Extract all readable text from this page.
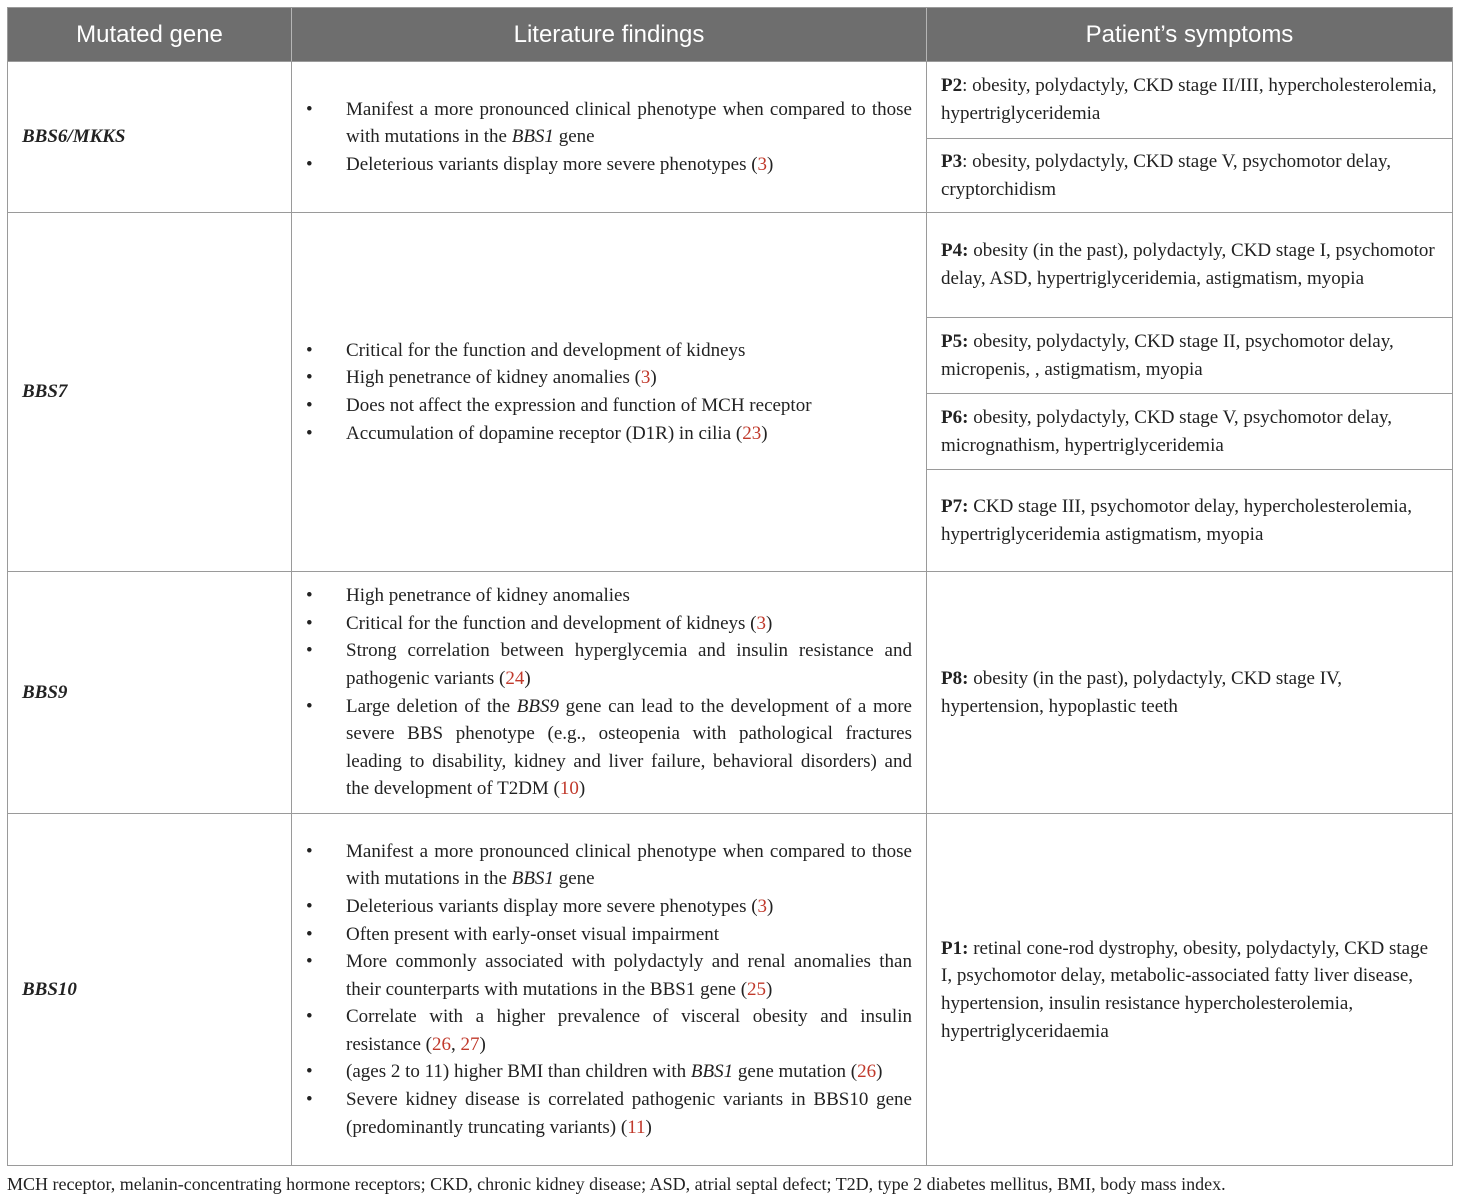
Mutated gene	Literature findings	Patient’s symptoms
BBS6/MKKS
• Manifest a more pronounced clinical phenotype when compared to those with mutations in the BBS1 gene
• Deleterious variants display more severe phenotypes (3)
P2: obesity, polydactyly, CKD stage II/III, hypercholesterolemia, hypertriglyceridemia
P3: obesity, polydactyly, CKD stage V, psychomotor delay, cryptorchidism
BBS7
• Critical for the function and development of kidneys
• High penetrance of kidney anomalies (3)
• Does not affect the expression and function of MCH receptor
• Accumulation of dopamine receptor (D1R) in cilia (23)
P4: obesity (in the past), polydactyly, CKD stage I, psychomotor delay, ASD, hypertriglyceridemia, astigmatism, myopia
P5: obesity, polydactyly, CKD stage II, psychomotor delay, micropenis, , astigmatism, myopia
P6: obesity, polydactyly, CKD stage V, psychomotor delay, micrognathism, hypertriglyceridemia
P7: CKD stage III, psychomotor delay, hypercholesterolemia, hypertriglyceridemia astigmatism, myopia
BBS9
• High penetrance of kidney anomalies
• Critical for the function and development of kidneys (3)
• Strong correlation between hyperglycemia and insulin resistance and pathogenic variants (24)
• Large deletion of the BBS9 gene can lead to the development of a more severe BBS phenotype (e.g., osteopenia with pathological fractures leading to disability, kidney and liver failure, behavioral disorders) and the development of T2DM (10)
P8: obesity (in the past), polydactyly, CKD stage IV, hypertension, hypoplastic teeth
BBS10
• Manifest a more pronounced clinical phenotype when compared to those with mutations in the BBS1 gene
• Deleterious variants display more severe phenotypes (3)
• Often present with early-onset visual impairment
• More commonly associated with polydactyly and renal anomalies than their counterparts with mutations in the BBS1 gene (25)
• Correlate with a higher prevalence of visceral obesity and insulin resistance (26, 27)
• (ages 2 to 11) higher BMI than children with BBS1 gene mutation (26)
• Severe kidney disease is correlated pathogenic variants in BBS10 gene (predominantly truncating variants) (11)
P1: retinal cone-rod dystrophy, obesity, polydactyly, CKD stage I, psychomotor delay, metabolic-associated fatty liver disease, hypertension, insulin resistance hypercholesterolemia, hypertriglyceridaemia
MCH receptor, melanin-concentrating hormone receptors; CKD, chronic kidney disease; ASD, atrial septal defect; T2D, type 2 diabetes mellitus, BMI, body mass index.
